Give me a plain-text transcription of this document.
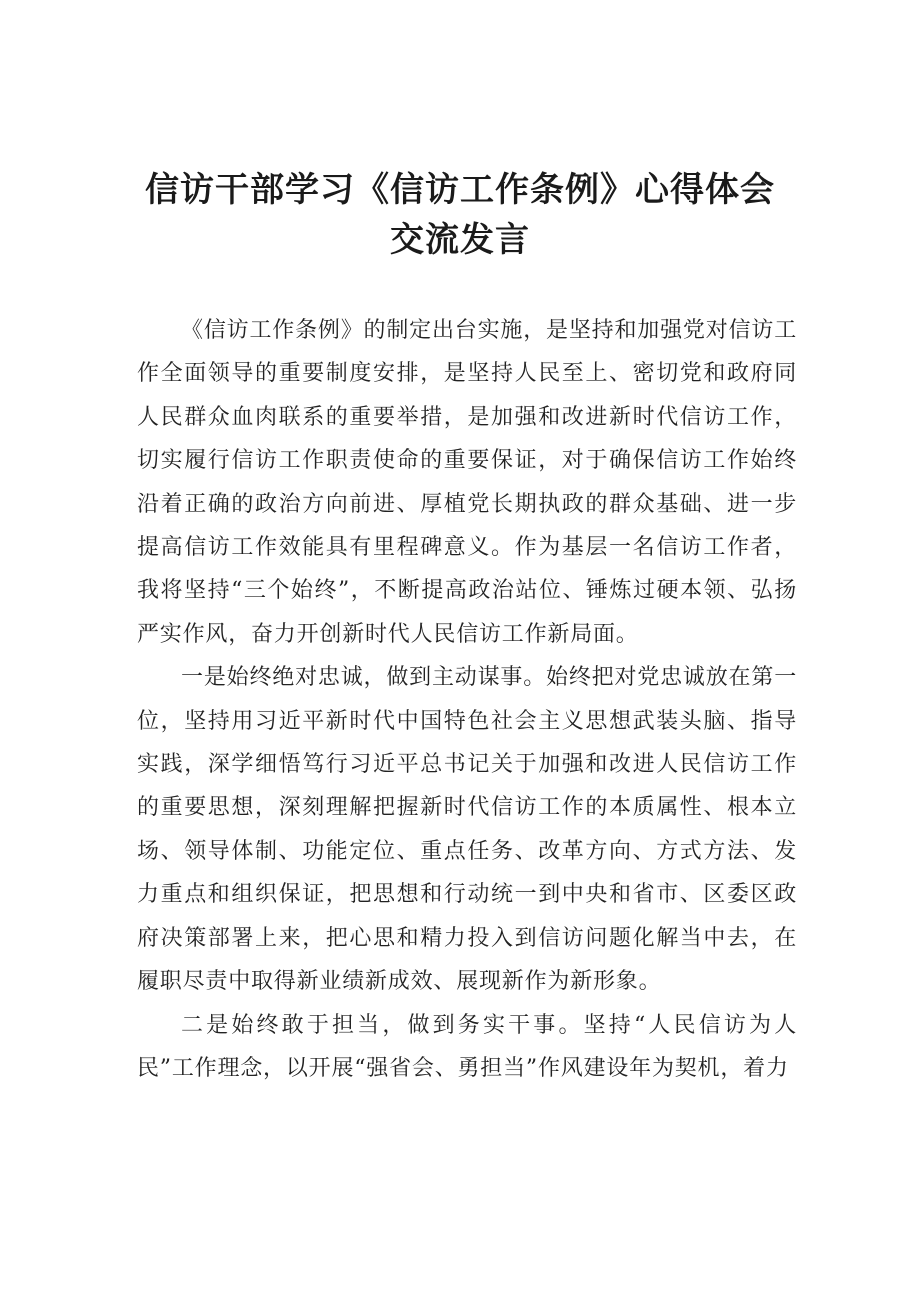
信访干部学习《信访工作条例》心得体会
交流发言

《信访工作条例》的制定出台实施，是坚持和加强党对信访工作全面领导的重要制度安排，是坚持人民至上、密切党和政府同人民群众血肉联系的重要举措，是加强和改进新时代信访工作，切实履行信访工作职责使命的重要保证，对于确保信访工作始终沿着正确的政治方向前进、厚植党长期执政的群众基础、进一步提高信访工作效能具有里程碑意义。作为基层一名信访工作者，我将坚持“三个始终”，不断提高政治站位、锤炼过硬本领、弘扬严实作风，奋力开创新时代人民信访工作新局面。

一是始终绝对忠诚，做到主动谋事。始终把对党忠诚放在第一位，坚持用习近平新时代中国特色社会主义思想武装头脑、指导实践，深学细悟笃行习近平总书记关于加强和改进人民信访工作的重要思想，深刻理解把握新时代信访工作的本质属性、根本立场、领导体制、功能定位、重点任务、改革方向、方式方法、发力重点和组织保证，把思想和行动统一到中央和省市、区委区政府决策部署上来，把心思和精力投入到信访问题化解当中去，在履职尽责中取得新业绩新成效、展现新作为新形象。

二是始终敢于担当，做到务实干事。坚持“人民信访为人民”工作理念，以开展“强省会、勇担当”作风建设年为契机，着力
